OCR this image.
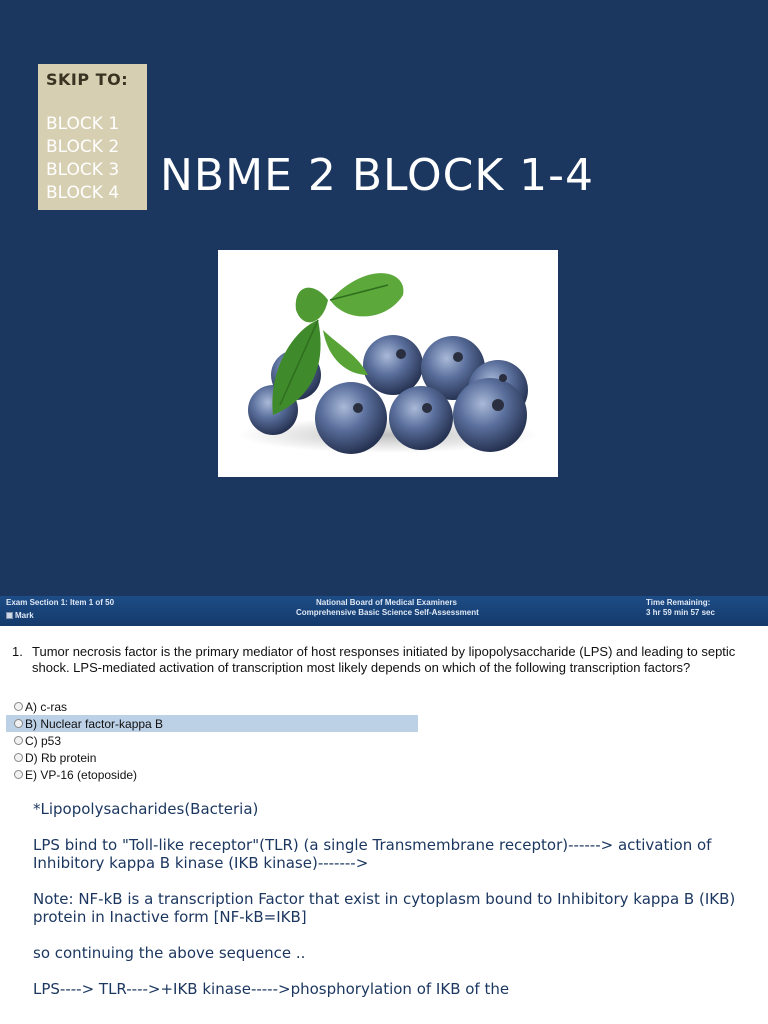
SKIP TO:
BLOCK 1
BLOCK 2
BLOCK 3
BLOCK 4 NBME 2 BLOCK 1-4
Exam Section 1: Item 1 of 50
Mark
National Board of Medical Examiners
Comprehensive Basic Science Self-Assessment
Time Remaining:
3 hr 59 min 57 sec
1. Tumor necrosis factor is the primary mediator of host responses initiated by lipopolysaccharide (LPS) and leading to septic shock. LPS-mediated activation of transcription most likely depends on which of the following transcription factors?
A) c-ras
B) Nuclear factor-kappa B
C) p53
D) Rb protein
E) VP-16 (etoposide)

*Lipopolysacharides(Bacteria)

LPS bind to "Toll-like receptor"(TLR) (a single Transmembrane receptor)------> activation of Inhibitory kappa B kinase (IKB kinase)------->

Note: NF-kB is a transcription Factor that exist in cytoplasm bound to Inhibitory kappa B (IKB) protein in Inactive form [NF-kB=IKB]

so continuing the above sequence ..

LPS----> TLR---->+IKB kinase----->phosphorylation of IKB of the
